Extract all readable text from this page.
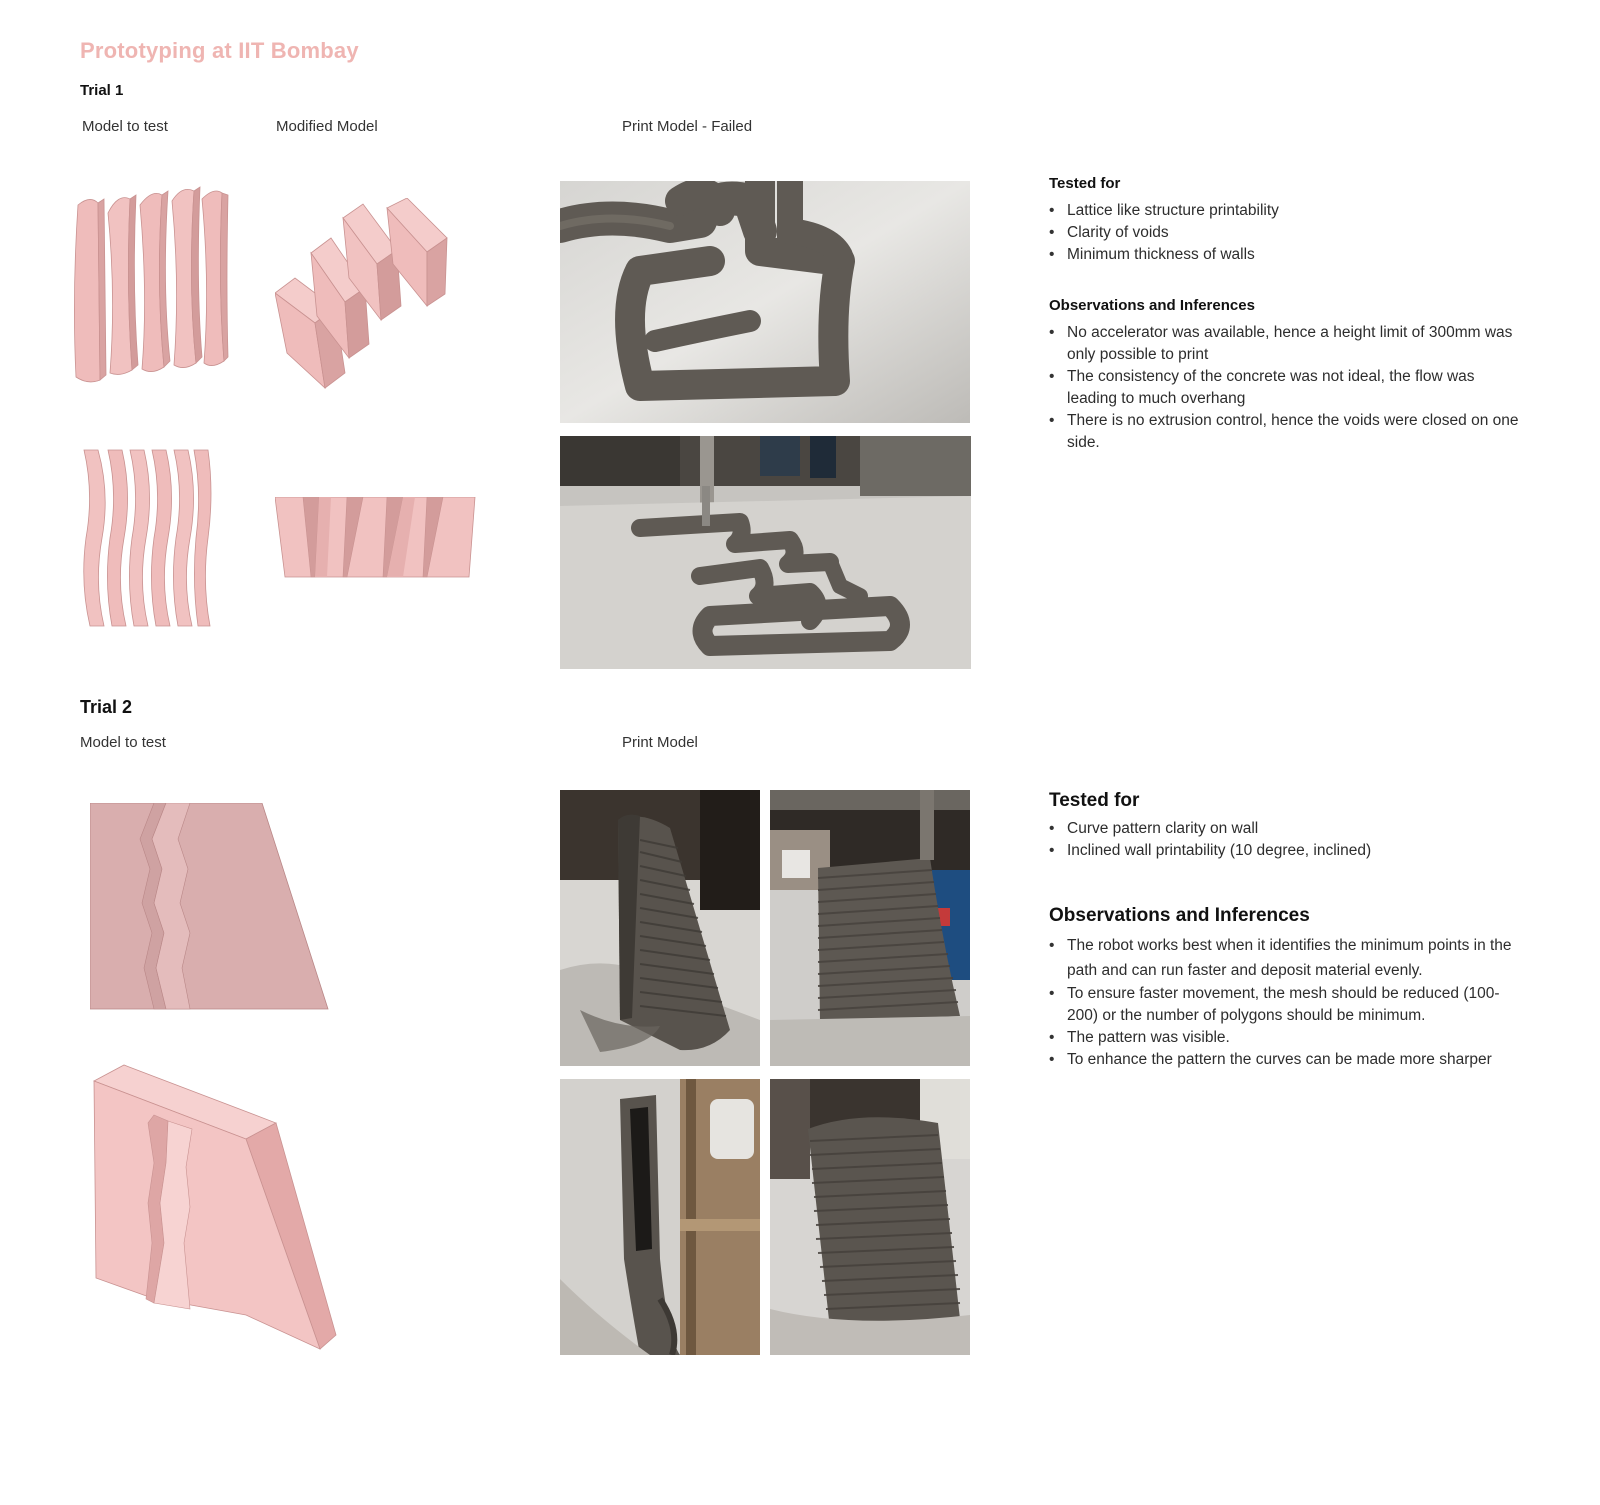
Prototyping at IIT Bombay
Trial 1
Model to test	Modified Model	Print Model - Failed
Tested for
• Lattice like structure printability
• Clarity of voids
• Minimum thickness of walls
Observations and Inferences
• No accelerator was available, hence a height limit of 300mm was only possible to print
• The consistency of the concrete was not ideal, the flow was leading to much overhang
• There is no extrusion control, hence the voids were closed on one side.
Trial 2
Model to test	Print Model
Tested for
• Curve pattern clarity on wall
• Inclined wall printability (10 degree, inclined)
Observations and Inferences
• The robot works best when it identifies the minimum points in the path and can run faster and deposit material evenly.
• To ensure faster movement, the mesh should be reduced (100-200) or the number of polygons should be minimum.
• The pattern was visible.
• To enhance the pattern the curves can be made more sharper
